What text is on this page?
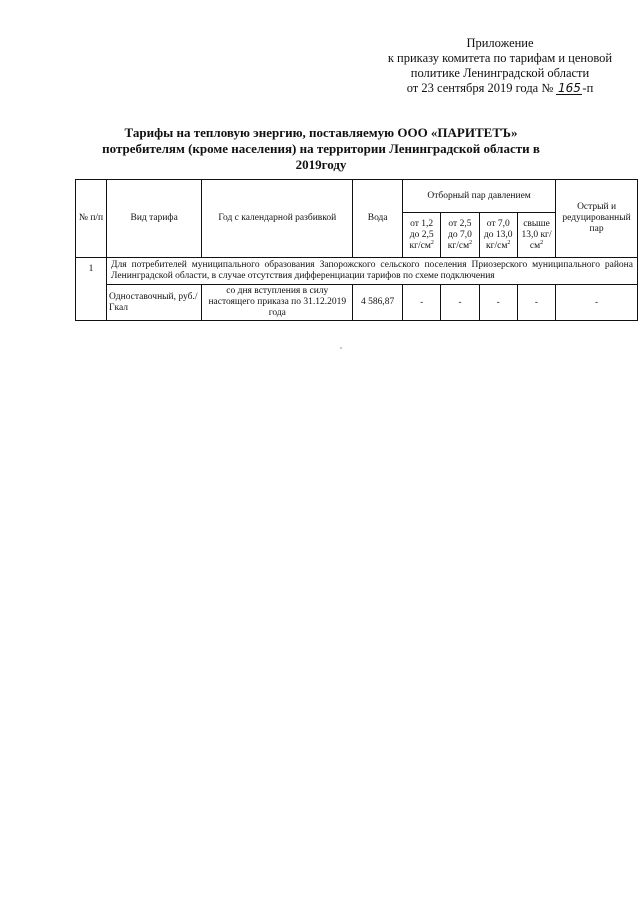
Приложение
к приказу комитета по тарифам и ценовой
политике Ленинградской области
от 23 сентября 2019 года № 165 -п
Тарифы на тепловую энергию, поставляемую ООО «ПАРИТЕТЪ» потребителям (кроме населения) на территории Ленинградской области в 2019году
№ п/п	Вид тарифа	Год с календарной разбивкой	Вода	Отборный пар давлением				Острый и редуцированный пар
				от 1,2 до 2,5 $кг/см^2$	от 2,5 до 7,0 $кг/см^2$	от 7,0 до 13,0 $кг/см^2$	свыше 13,0 $кг/см^2$
1	Для потребителей муниципального образования Запорожского сельского поселения Приозерского муниципального района Ленинградской области, в случае отсутствия дифференциации тарифов по схеме подключения							
	Одноставочный, руб./Гкал	со дня вступления в силу настоящего приказа по 31.12.2019 года	4 586,87	-	-	-	-	-
